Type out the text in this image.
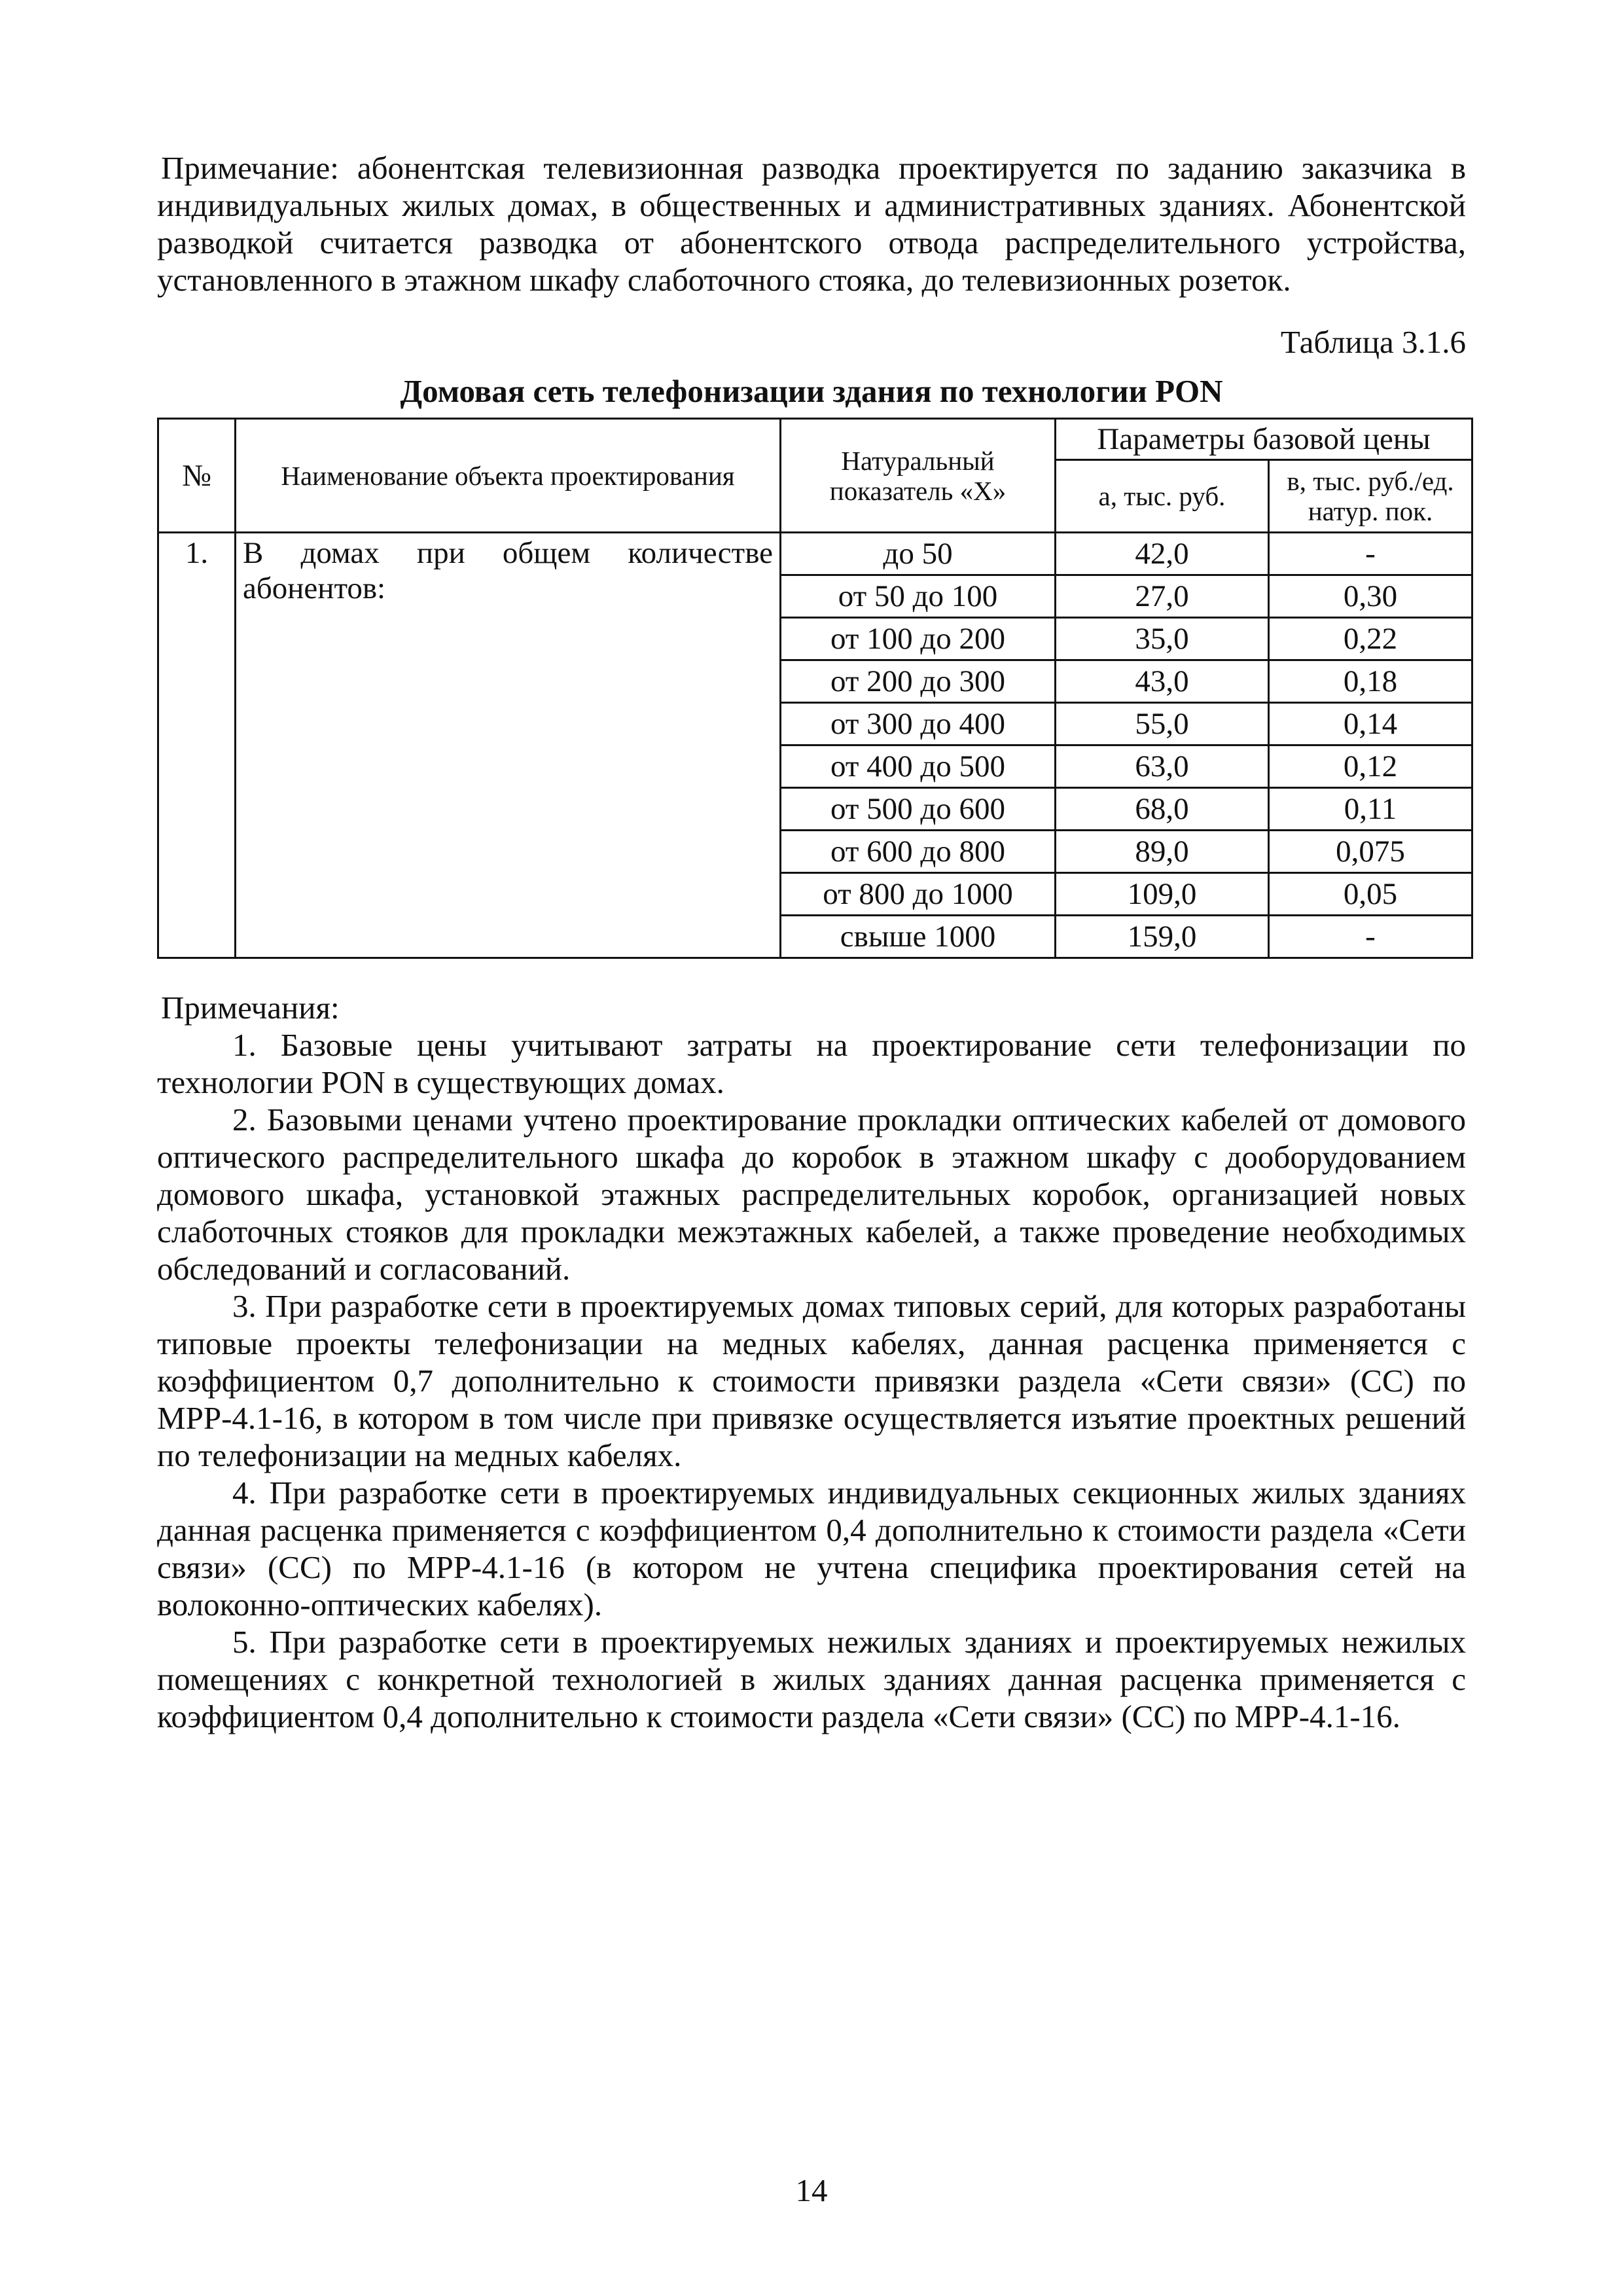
Примечание: абонентская телевизионная разводка проектируется по заданию заказчика в индивидуальных жилых домах, в общественных и административных зданиях. Абонентской разводкой считается разводка от абонентского отвода распределительного устройства, установленного в этажном шкафу слаботочного стояка, до телевизионных розеток.

Таблица 3.1.6

Домовая сеть телефонизации здания по технологии PON

№	Наименование объекта проектирования	Натуральный показатель «Х»	Параметры базовой цены	
			а, тыс. руб.	в, тыс. руб./ед. натур. пок.
1.	В домах при общем количестве абонентов:	до 50	42,0	-
		от 50 до 100	27,0	0,30
		от 100 до 200	35,0	0,22
		от 200 до 300	43,0	0,18
		от 300 до 400	55,0	0,14
		от 400 до 500	63,0	0,12
		от 500 до 600	68,0	0,11
		от 600 до 800	89,0	0,075
		от 800 до 1000	109,0	0,05
		свыше 1000	159,0	-

Примечания:

1. Базовые цены учитывают затраты на проектирование сети телефонизации по технологии PON в существующих домах.

2. Базовыми ценами учтено проектирование прокладки оптических кабелей от домового оптического распределительного шкафа до коробок в этажном шкафу с дооборудованием домового шкафа, установкой этажных распределительных коробок, организацией новых слаботочных стояков для прокладки межэтажных кабелей, а также проведение необходимых обследований и согласований.

3. При разработке сети в проектируемых домах типовых серий, для которых разработаны типовые проекты телефонизации на медных кабелях, данная расценка применяется с коэффициентом 0,7 дополнительно к стоимости привязки раздела «Сети связи» (СС) по МРР-4.1-16, в котором в том числе при привязке осуществляется изъятие проектных решений по телефонизации на медных кабелях.

4. При разработке сети в проектируемых индивидуальных секционных жилых зданиях данная расценка применяется с коэффициентом 0,4 дополнительно к стоимости раздела «Сети связи» (СС) по МРР-4.1-16 (в котором не учтена специфика проектирования сетей на волоконно-оптических кабелях).

5. При разработке сети в проектируемых нежилых зданиях и проектируемых нежилых помещениях с конкретной технологией в жилых зданиях данная расценка применяется с коэффициентом 0,4 дополнительно к стоимости раздела «Сети связи» (СС) по МРР-4.1-16.

14
